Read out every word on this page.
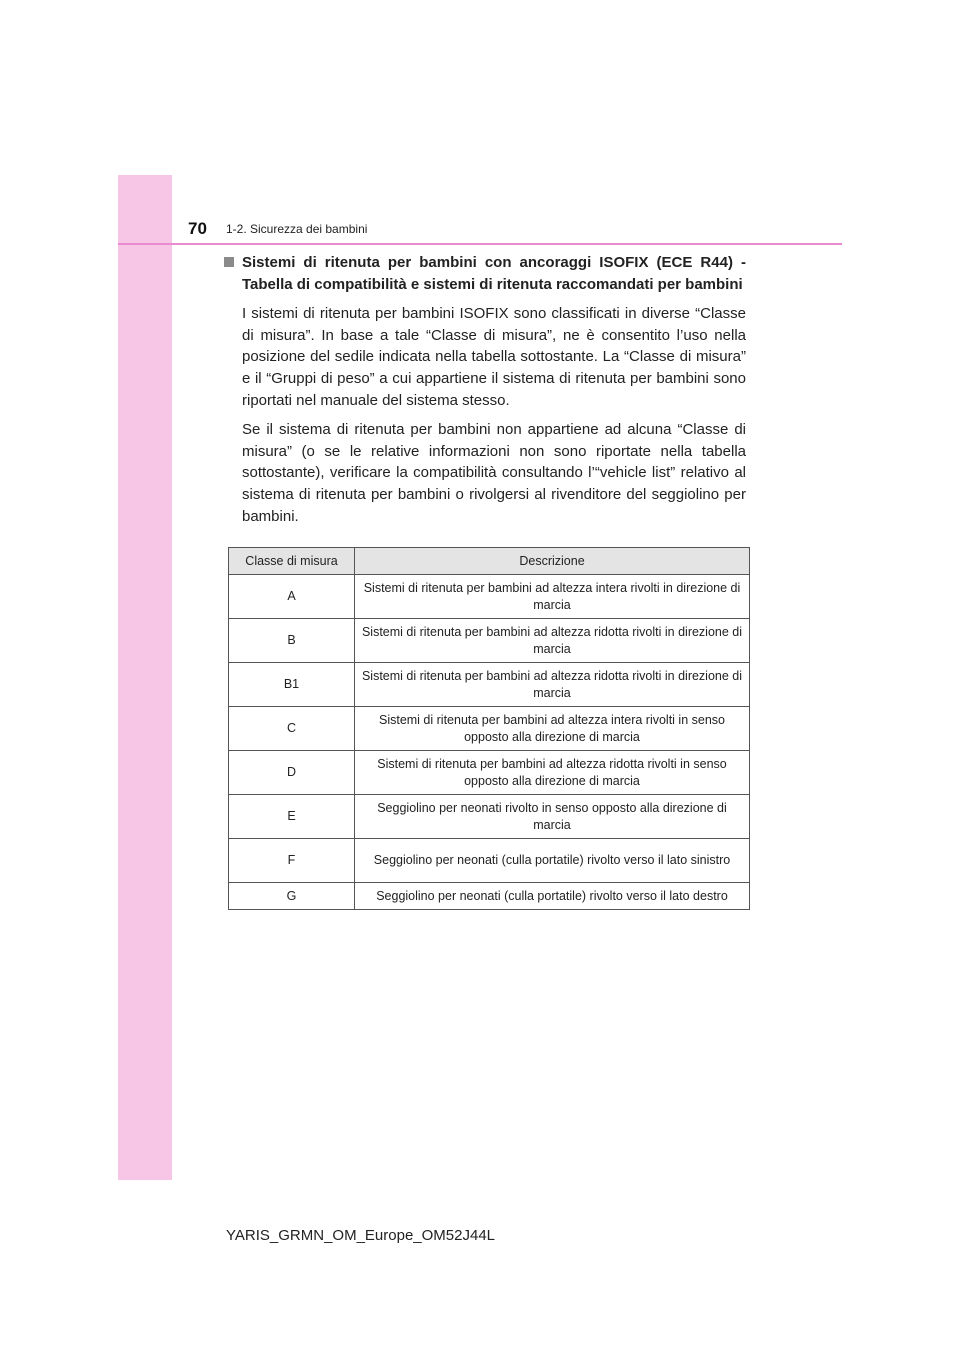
70 1-2. Sicurezza dei bambini
Sistemi di ritenuta per bambini con ancoraggi ISOFIX (ECE R44) - Tabella di compatibilità e sistemi di ritenuta raccomandati per bambini

I sistemi di ritenuta per bambini ISOFIX sono classificati in diverse “Classe di misura”. In base a tale “Classe di misura”, ne è consentito l’uso nella posizione del sedile indicata nella tabella sottostante. La “Classe di misura” e il “Gruppi di peso” a cui appartiene il sistema di ritenuta per bambini sono riportati nel manuale del sistema stesso.

Se il sistema di ritenuta per bambini non appartiene ad alcuna “Classe di misura” (o se le relative informazioni non sono riportate nella tabella sottostante), verificare la compatibilità consultando l’“vehicle list” relativo al sistema di ritenuta per bambini o rivolgersi al rivenditore del seggiolino per bambini.

Classe di misura	Descrizione
A	Sistemi di ritenuta per bambini ad altezza intera rivolti in direzione di marcia
B	Sistemi di ritenuta per bambini ad altezza ridotta rivolti in direzione di marcia
B1	Sistemi di ritenuta per bambini ad altezza ridotta rivolti in direzione di marcia
C	Sistemi di ritenuta per bambini ad altezza intera rivolti in senso opposto alla direzione di marcia
D	Sistemi di ritenuta per bambini ad altezza ridotta rivolti in senso opposto alla direzione di marcia
E	Seggiolino per neonati rivolto in senso opposto alla direzione di marcia
F	Seggiolino per neonati (culla portatile) rivolto verso il lato sinistro
G	Seggiolino per neonati (culla portatile) rivolto verso il lato destro
YARIS_GRMN_OM_Europe_OM52J44L
